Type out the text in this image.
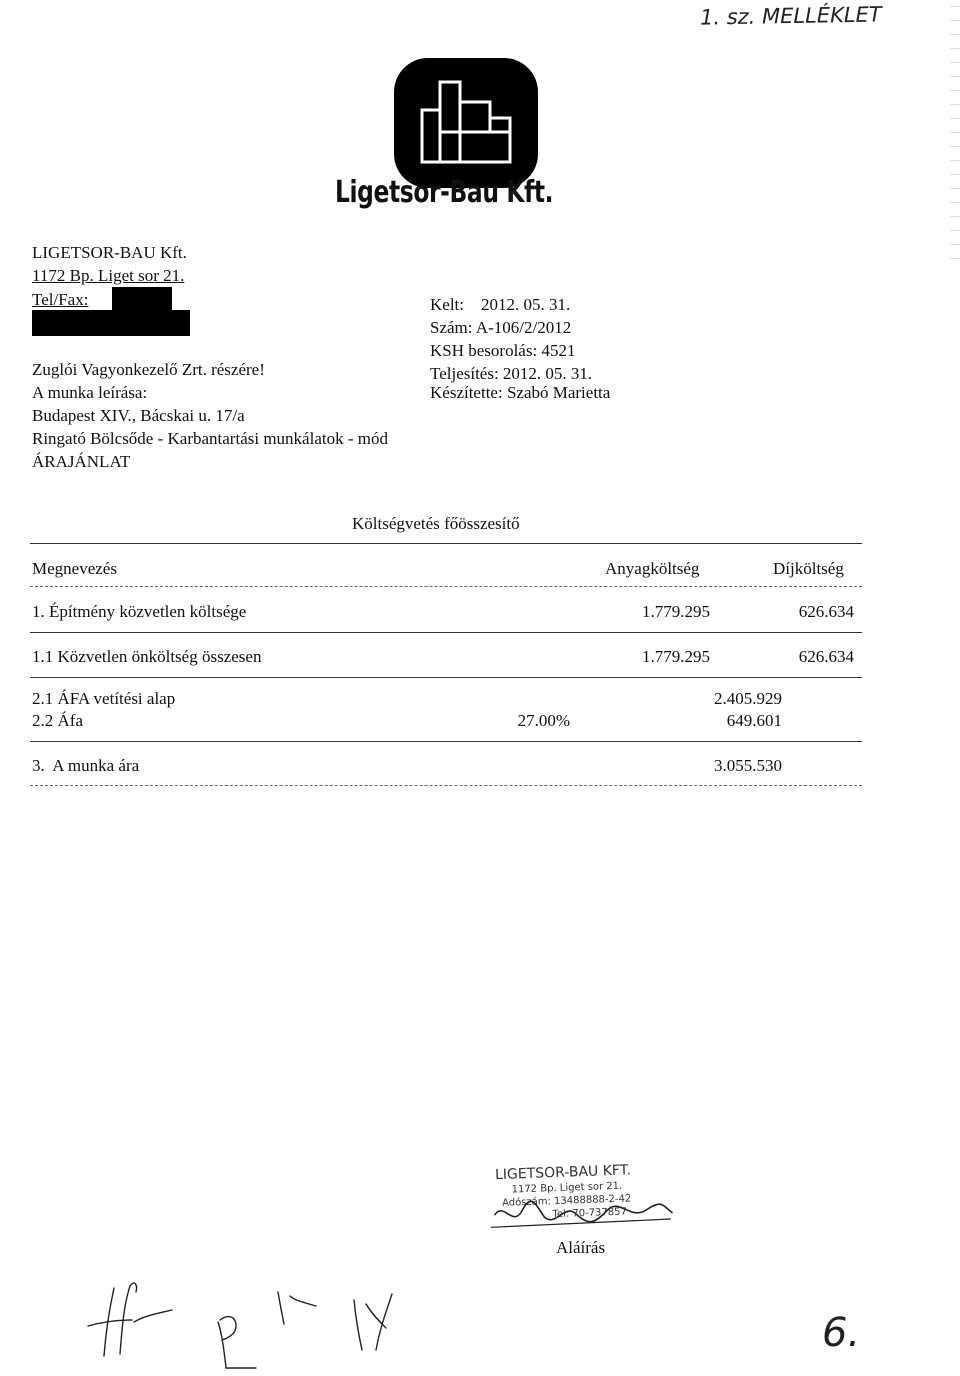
1. sz. MELLÉKLET
Ligetsor-Bau Kft.
LIGETSOR-BAU Kft.
1172 Bp. Liget sor 21.
Tel/Fax:
Zuglói Vagyonkezelő Zrt. részére!
A munka leírása:
Budapest XIV., Bácskai u. 17/a
Ringató Bölcsőde - Karbantartási munkálatok - mód
ÁRAJÁNLAT
Kelt:    2012. 05. 31.
Szám: A-106/2/2012
KSH besorolás: 4521
Teljesítés: 2012. 05. 31.
Készítette: Szabó Marietta
Költségvetés főösszesítő
Megnevezés	Anyagköltség	Díjköltség
1. Építmény közvetlen költsége	1.779.295	626.634
1.1 Közvetlen önköltség összesen	1.779.295	626.634
2.1 ÁFA vetítési alap	2.405.929
2.2 Áfa	27.00%	649.601
3.  A munka ára	3.055.530
LIGETSOR-BAU KFT.
1172 Bp. Liget sor 21.
Adószám: 13488888-2-42
Tel: 70-737857
Aláírás
6.
